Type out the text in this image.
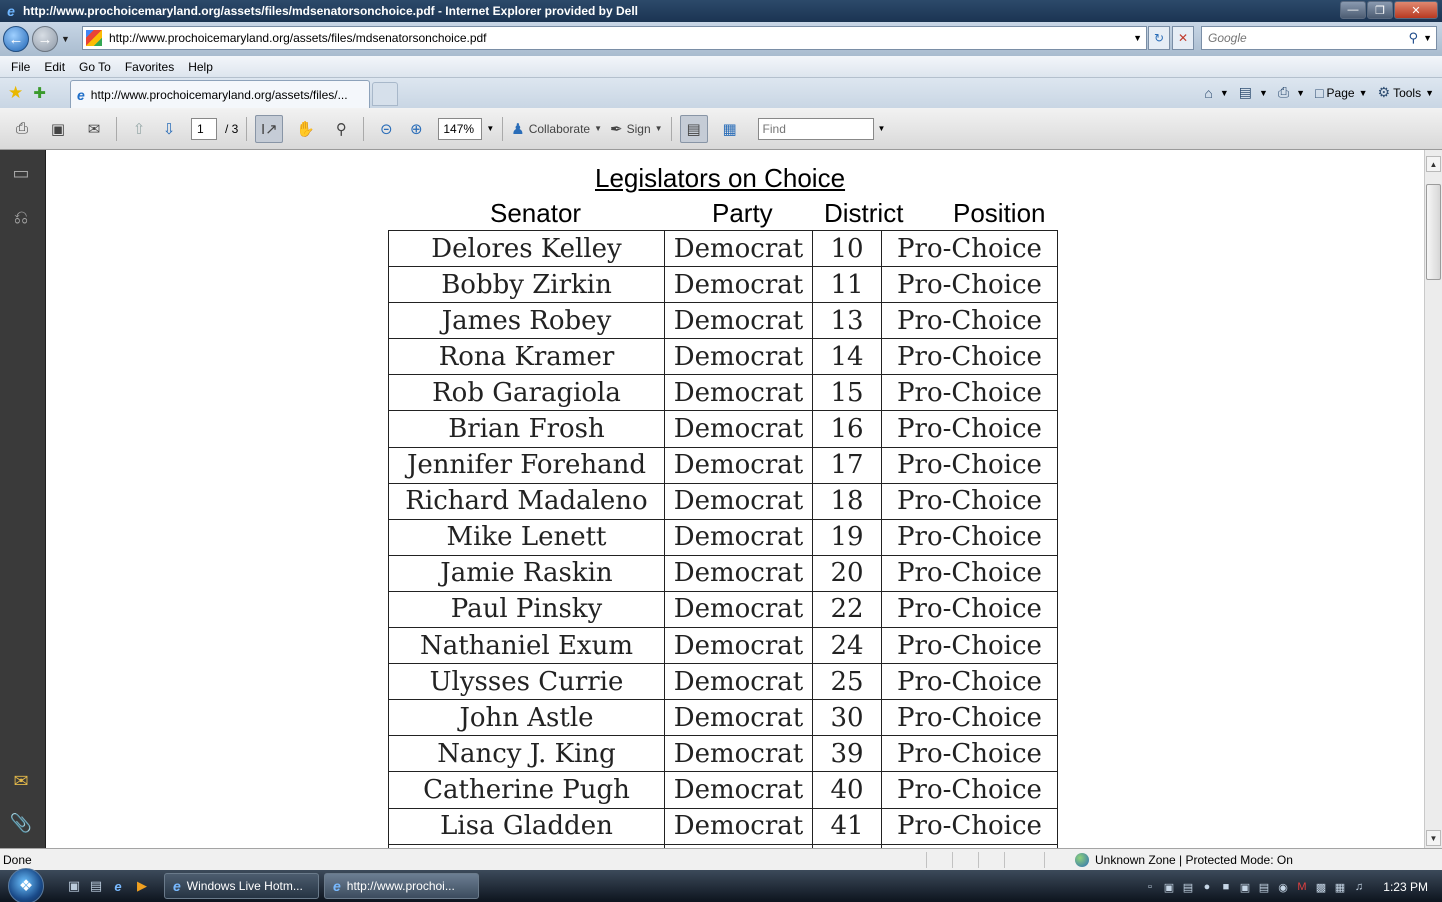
e http://www.prochoicemaryland.org/assets/files/mdsenatorsonchoice.pdf - Internet Explorer provided by Dell	—	❐	✕
← → ▼	http://www.prochoicemaryland.org/assets/files/mdsenatorsonchoice.pdf	▼ ↻ ✕
Google	⚲ ▼
File	Edit	Go To	Favorites	Help
★ ✚ e http://www.prochoicemaryland.org/assets/files/...	⌂ ▼ ▤ ▼ ⎙ ▼ □ Page ▼ ⚙ Tools ▼
⎙ ▣ ✉ ⇧ ⇩	1	/ 3 I↗ ✋ ⚲ ⊝ ⊕	147%	▼ ♟ Collaborate ▼ ✒ Sign ▼ ▤ ▦
Find	▼
▭
⎌
✉
📎
Legislators on Choice
Senator	Party District Position
Delores Kelley	Democrat	10	Pro-Choice
Bobby Zirkin	Democrat	11	Pro-Choice
James Robey	Democrat	13	Pro-Choice
Rona Kramer	Democrat	14	Pro-Choice
Rob Garagiola	Democrat	15	Pro-Choice
Brian Frosh	Democrat	16	Pro-Choice
Jennifer Forehand	Democrat	17	Pro-Choice
Richard Madaleno	Democrat	18	Pro-Choice
Mike Lenett	Democrat	19	Pro-Choice
Jamie Raskin	Democrat	20	Pro-Choice
Paul Pinsky	Democrat	22	Pro-Choice
Nathaniel Exum	Democrat	24	Pro-Choice
Ulysses Currie	Democrat	25	Pro-Choice
John Astle	Democrat	30	Pro-Choice
Nancy J. King	Democrat	39	Pro-Choice
Catherine Pugh	Democrat	40	Pro-Choice
Lisa Gladden	Democrat	41	Pro-Choice

▲
▼
Done	Unknown Zone | Protected Mode: On
❖	▣ ▤ e	▶ e Windows Live Hotm... e http://www.prochoi...	▫	▣ ▤ ●	■ ▣ ▤ ◉ M ▩ ▦ ♫ 1:23 PM
